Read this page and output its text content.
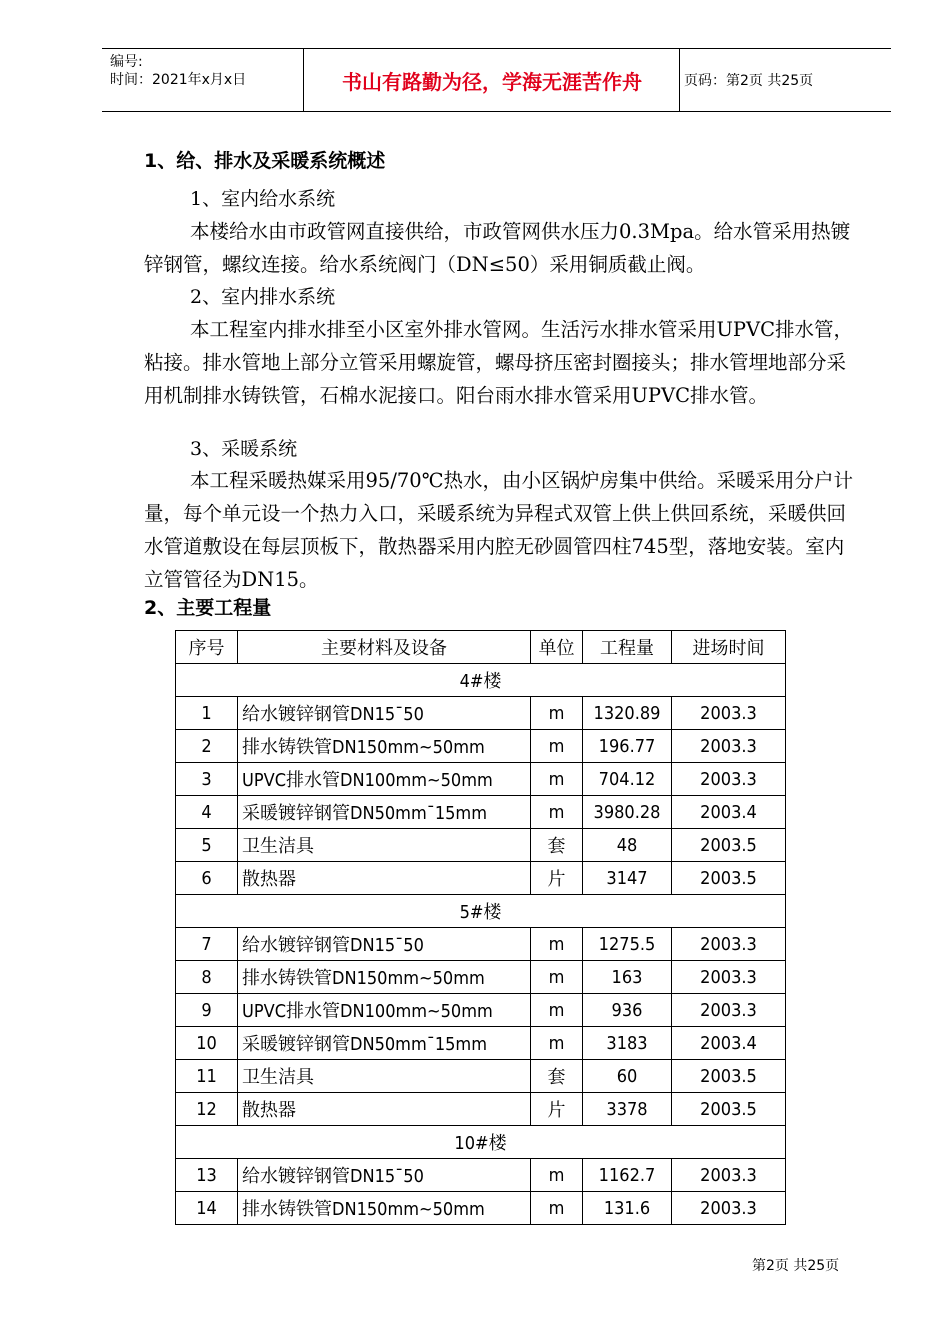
编号:
时间：2021年x月x日	书山有路勤为径，学海无涯苦作舟	页码：第2页 共25页
1、给、排水及采暖系统概述
1、室内给水系统
本楼给水由市政管网直接供给，市政管网供水压力0.3Mpa。给水管采用热镀锌钢管，螺纹连接。给水系统阀门（DN≤50）采用铜质截止阀。
2、室内排水系统
本工程室内排水排至小区室外排水管网。生活污水排水管采用UPVC排水管，粘接。排水管地上部分立管采用螺旋管，螺母挤压密封圈接头；排水管埋地部分采用机制排水铸铁管，石棉水泥接口。阳台雨水排水管采用UPVC排水管。
3、采暖系统
本工程采暖热媒采用95/70℃热水，由小区锅炉房集中供给。采暖采用分户计量，每个单元设一个热力入口，采暖系统为异程式双管上供上供回系统，采暖供回水管道敷设在每层顶板下，散热器采用内腔无砂圆管四柱745型，落地安装。室内立管管径为DN15。
2、主要工程量
序号	主要材料及设备	单位	工程量	进场时间
4#楼				
1	给水镀锌钢管DN15ˉ50	m	1320.89	2003.3
2	排水铸铁管DN150mm~50mm	m	196.77	2003.3
3	UPVC排水管DN100mm~50mm	m	704.12	2003.3
4	采暖镀锌钢管DN50mmˉ15mm	m	3980.28	2003.4
5	卫生洁具	套	48	2003.5
6	散热器	片	3147	2003.5
5#楼				
7	给水镀锌钢管DN15ˉ50	m	1275.5	2003.3
8	排水铸铁管DN150mm~50mm	m	163	2003.3
9	UPVC排水管DN100mm~50mm	m	936	2003.3
10	采暖镀锌钢管DN50mmˉ15mm	m	3183	2003.4
11	卫生洁具	套	60	2003.5
12	散热器	片	3378	2003.5
10#楼				
13	给水镀锌钢管DN15ˉ50	m	1162.7	2003.3
14	排水铸铁管DN150mm~50mm	m	131.6	2003.3
第2页 共25页
